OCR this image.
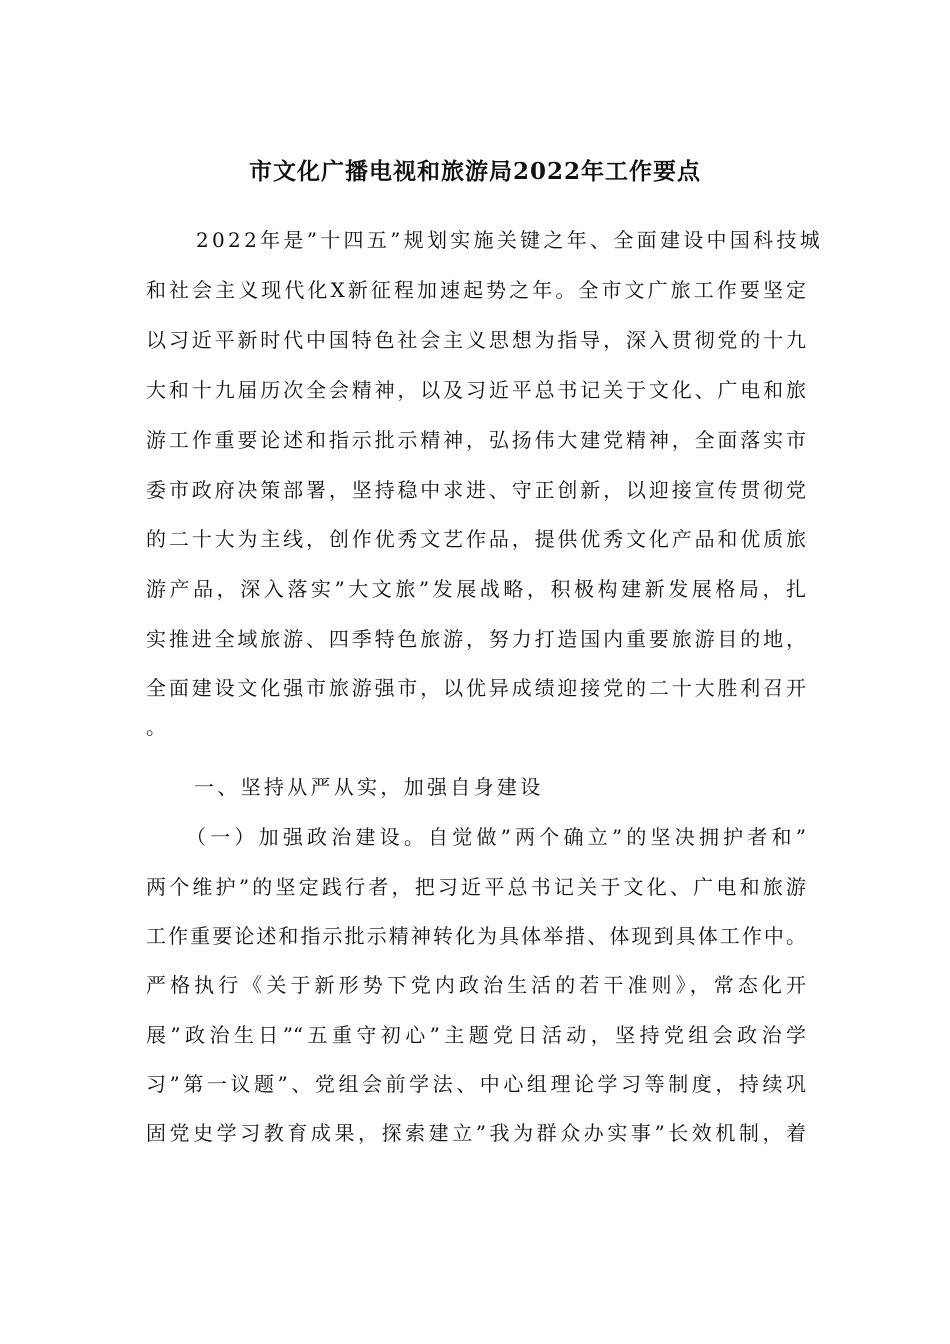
市文化广播电视和旅游局2022年工作要点
2022年是”十四五”规划实施关键之年、全面建设中国科技城
和社会主义现代化X新征程加速起势之年。全市文广旅工作要坚定
以习近平新时代中国特色社会主义思想为指导，深入贯彻党的十九
大和十九届历次全会精神，以及习近平总书记关于文化、广电和旅
游工作重要论述和指示批示精神，弘扬伟大建党精神，全面落实市
委市政府决策部署，坚持稳中求进、守正创新，以迎接宣传贯彻党
的二十大为主线，创作优秀文艺作品，提供优秀文化产品和优质旅
游产品，深入落实”大文旅”发展战略，积极构建新发展格局，扎
实推进全域旅游、四季特色旅游，努力打造国内重要旅游目的地，
全面建设文化强市旅游强市，以优异成绩迎接党的二十大胜利召开
。
一、坚持从严从实，加强自身建设
（一）加强政治建设。自觉做”两个确立”的坚决拥护者和”
两个维护”的坚定践行者，把习近平总书记关于文化、广电和旅游
工作重要论述和指示批示精神转化为具体举措、体现到具体工作中。
严格执行《关于新形势下党内政治生活的若干准则》，常态化开
展”政治生日”“五重守初心”主题党日活动，坚持党组会政治学
习”第一议题”、党组会前学法、中心组理论学习等制度，持续巩
固党史学习教育成果，探索建立”我为群众办实事”长效机制，着
